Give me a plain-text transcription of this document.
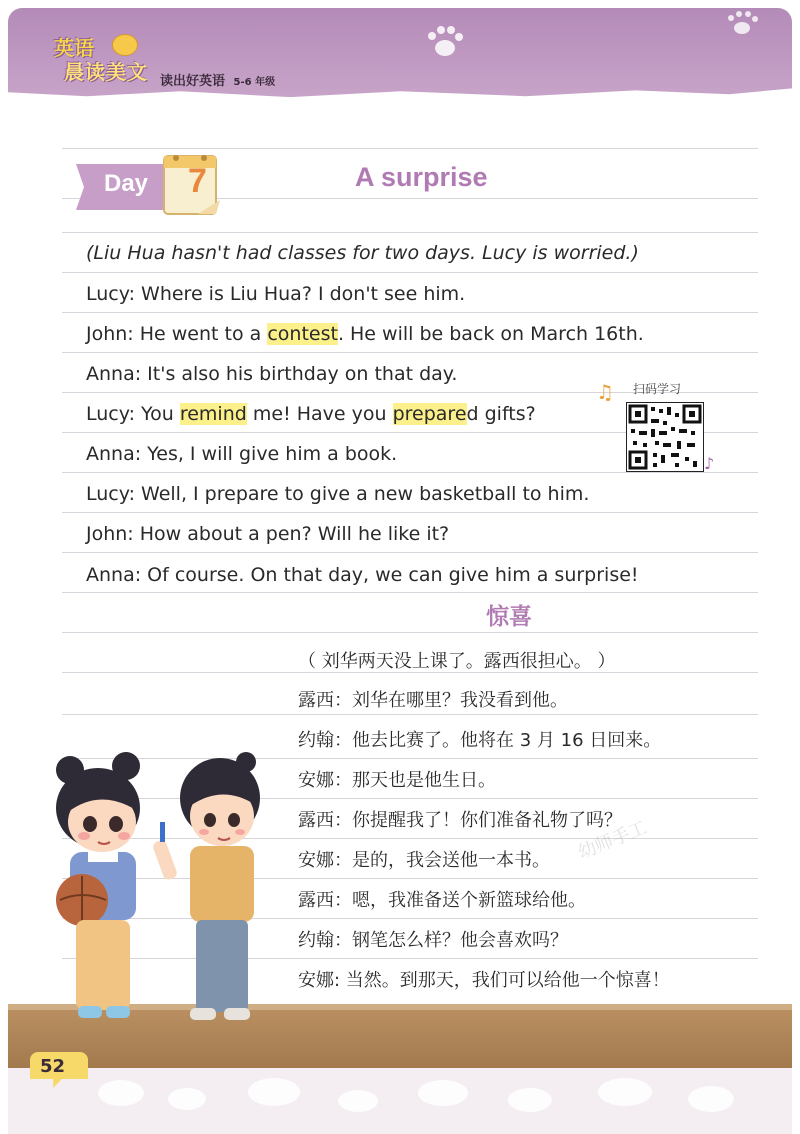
英语
晨读美文 读出好英语 5-6 年级
Day 7	A surprise
(Liu Hua hasn't had classes for two days. Lucy is worried.)
Lucy: Where is Liu Hua? I don't see him.
John: He went to a contest. He will be back on March 16th.
Anna: It's also his birthday on that day.
Lucy: You remind me! Have you prepared gifts?
Anna: Yes, I will give him a book.
Lucy: Well, I prepare to give a new basketball to him.
John: How about a pen? Will he like it?
Anna: Of course. On that day, we can give him a surprise!
♫ 扫码学习
♪
惊喜
（ 刘华两天没上课了。露西很担心。 ）
露西：刘华在哪里？我没看到他。
约翰：他去比赛了。他将在 3 月 16 日回来。
安娜：那天也是他生日。
露西：你提醒我了！你们准备礼物了吗？
安娜：是的，我会送他一本书。
露西：嗯，我准备送个新篮球给他。
约翰：钢笔怎么样？他会喜欢吗？
安娜: 当然。到那天，我们可以给他一个惊喜！
幼师手工
52
